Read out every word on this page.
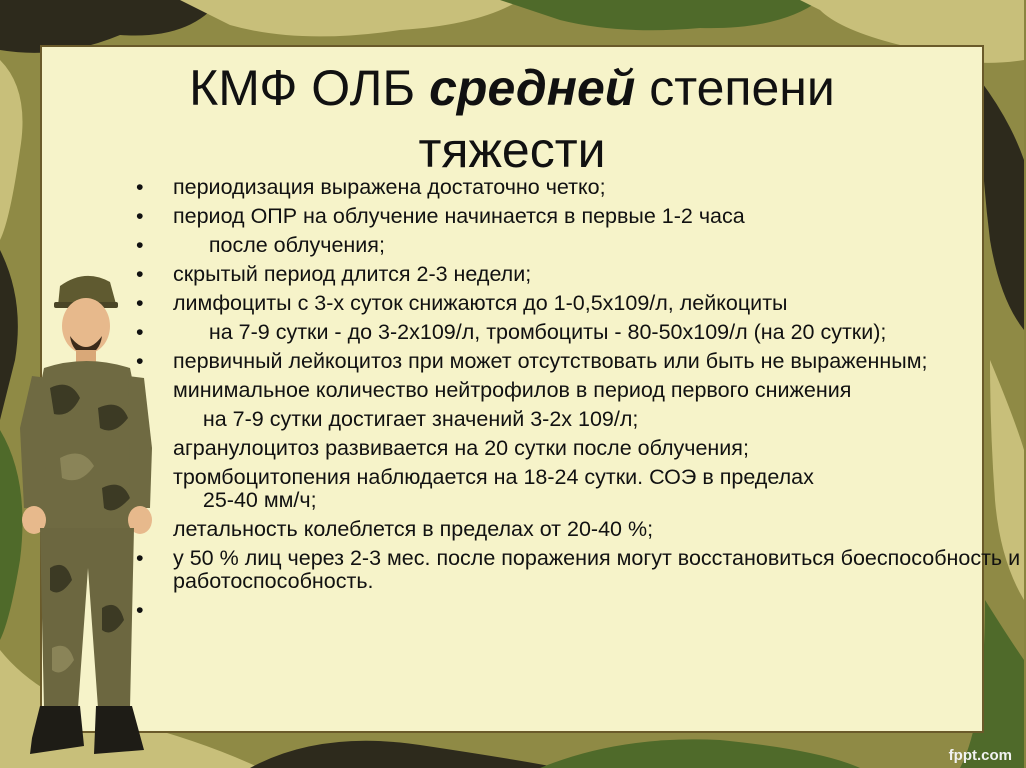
КМФ ОЛБ средней степени
тяжести
• периодизация выражена достаточно четко;
• период ОПР на облучение начинается в первые 1-2 часа
• после облучения;
• скрытый период длится 2-3 недели;
• лимфоциты с 3-х суток снижаются до 1-0,5х109/л, лейкоциты
• на 7-9 сутки - до 3-2х109/л, тромбоциты - 80-50х109/л (на 20 сутки);
• первичный лейкоцитоз при может отсутствовать или быть не выраженным;
минимальное количество нейтрофилов в период первого снижения
на 7-9 сутки достигает значений 3-2х 109/л;
агранулоцитоз развивается на 20 сутки после облучения;
тромбоцитопения наблюдается на 18-24 сутки. СОЭ в пределах
25-40 мм/ч;
летальность колеблется в пределах от 20-40 %;
• у 50 % лиц через 2-3 мес. после поражения могут восстановиться боеспособность и работоспособность.
•
fppt.com
